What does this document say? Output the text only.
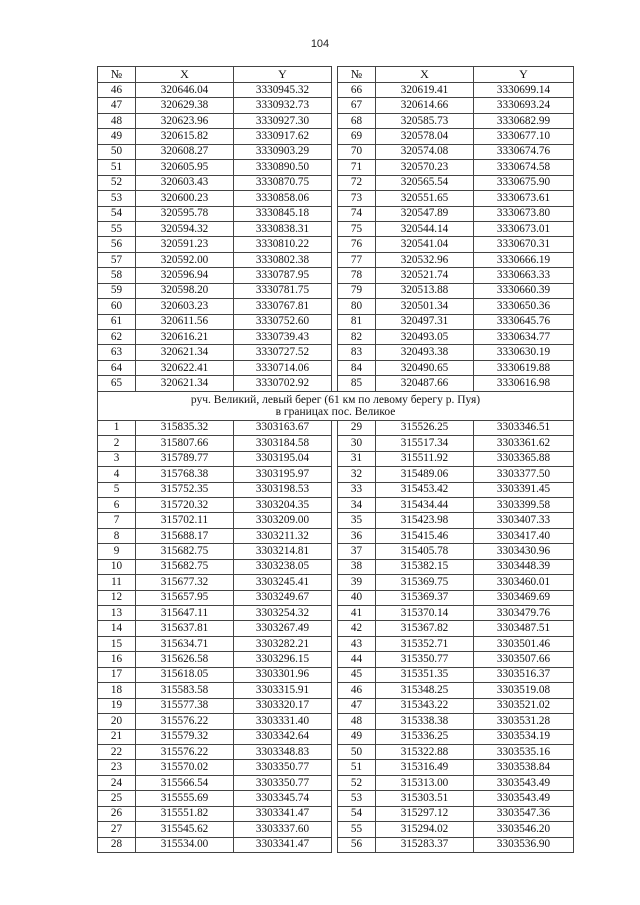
104
№	X	Y		№	X	Y
46	320646.04	3330945.32		66	320619.41	3330699.14
47	320629.38	3330932.73		67	320614.66	3330693.24
48	320623.96	3330927.30		68	320585.73	3330682.99
49	320615.82	3330917.62		69	320578.04	3330677.10
50	320608.27	3330903.29		70	320574.08	3330674.76
51	320605.95	3330890.50		71	320570.23	3330674.58
52	320603.43	3330870.75		72	320565.54	3330675.90
53	320600.23	3330858.06		73	320551.65	3330673.61
54	320595.78	3330845.18		74	320547.89	3330673.80
55	320594.32	3330838.31		75	320544.14	3330673.01
56	320591.23	3330810.22		76	320541.04	3330670.31
57	320592.00	3330802.38		77	320532.96	3330666.19
58	320596.94	3330787.95		78	320521.74	3330663.33
59	320598.20	3330781.75		79	320513.88	3330660.39
60	320603.23	3330767.81		80	320501.34	3330650.36
61	320611.56	3330752.60		81	320497.31	3330645.76
62	320616.21	3330739.43		82	320493.05	3330634.77
63	320621.34	3330727.52		83	320493.38	3330630.19
64	320622.41	3330714.06		84	320490.65	3330619.88
65	320621.34	3330702.92		85	320487.66	3330616.98

руч. Великий, левый берег (61 км по левому берегу р. Пуя)
в границах пос. Великое						

1	315835.32	3303163.67		29	315526.25	3303346.51
2	315807.66	3303184.58		30	315517.34	3303361.62
3	315789.77	3303195.04		31	315511.92	3303365.88
4	315768.38	3303195.97		32	315489.06	3303377.50
5	315752.35	3303198.53		33	315453.42	3303391.45
6	315720.32	3303204.35		34	315434.44	3303399.58
7	315702.11	3303209.00		35	315423.98	3303407.33
8	315688.17	3303211.32		36	315415.46	3303417.40
9	315682.75	3303214.81		37	315405.78	3303430.96
10	315682.75	3303238.05		38	315382.15	3303448.39
11	315677.32	3303245.41		39	315369.75	3303460.01
12	315657.95	3303249.67		40	315369.37	3303469.69
13	315647.11	3303254.32		41	315370.14	3303479.76
14	315637.81	3303267.49		42	315367.82	3303487.51
15	315634.71	3303282.21		43	315352.71	3303501.46
16	315626.58	3303296.15		44	315350.77	3303507.66
17	315618.05	3303301.96		45	315351.35	3303516.37
18	315583.58	3303315.91		46	315348.25	3303519.08
19	315577.38	3303320.17		47	315343.22	3303521.02
20	315576.22	3303331.40		48	315338.38	3303531.28
21	315579.32	3303342.64		49	315336.25	3303534.19
22	315576.22	3303348.83		50	315322.88	3303535.16
23	315570.02	3303350.77		51	315316.49	3303538.84
24	315566.54	3303350.77		52	315313.00	3303543.49
25	315555.69	3303345.74		53	315303.51	3303543.49
26	315551.82	3303341.47		54	315297.12	3303547.36
27	315545.62	3303337.60		55	315294.02	3303546.20
28	315534.00	3303341.47		56	315283.37	3303536.90
